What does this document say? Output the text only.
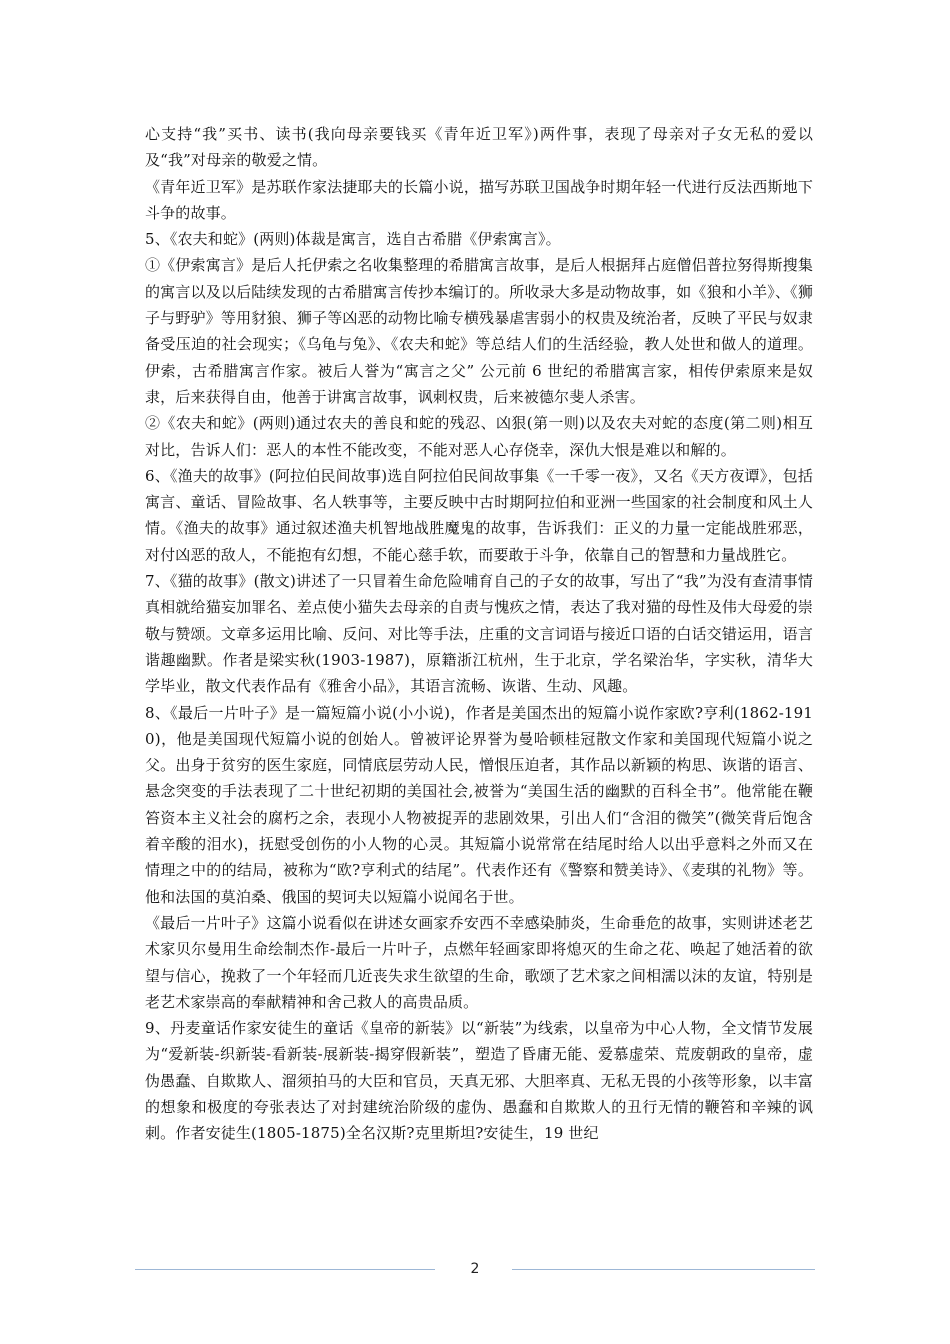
心支持“我”买书、读书(我向母亲要钱买《青年近卫军》)两件事，表现了母亲对子女无私的爱以及“我”对母亲的敬爱之情。

《青年近卫军》是苏联作家法捷耶夫的长篇小说，描写苏联卫国战争时期年轻一代进行反法西斯地下斗争的故事。

5、《农夫和蛇》(两则)体裁是寓言，选自古希腊《伊索寓言》。

①《伊索寓言》是后人托伊索之名收集整理的希腊寓言故事，是后人根据拜占庭僧侣普拉努得斯搜集的寓言以及以后陆续发现的古希腊寓言传抄本编订的。所收录大多是动物故事，如《狼和小羊》、《狮子与野驴》等用豺狼、狮子等凶恶的动物比喻专横残暴虐害弱小的权贵及统治者，反映了平民与奴隶备受压迫的社会现实；《乌龟与兔》、《农夫和蛇》等总结人们的生活经验，教人处世和做人的道理。伊索，古希腊寓言作家。被后人誉为“寓言之父” 公元前 6 世纪的希腊寓言家，相传伊索原来是奴隶，后来获得自由，他善于讲寓言故事，讽刺权贵，后来被德尔斐人杀害。

②《农夫和蛇》(两则)通过农夫的善良和蛇的残忍、凶狠(第一则)以及农夫对蛇的态度(第二则)相互对比，告诉人们：恶人的本性不能改变，不能对恶人心存侥幸，深仇大恨是难以和解的。

6、《渔夫的故事》(阿拉伯民间故事)选自阿拉伯民间故事集《一千零一夜》，又名《天方夜谭》，包括寓言、童话、冒险故事、名人轶事等，主要反映中古时期阿拉伯和亚洲一些国家的社会制度和风土人情。《渔夫的故事》通过叙述渔夫机智地战胜魔鬼的故事，告诉我们：正义的力量一定能战胜邪恶，对付凶恶的敌人，不能抱有幻想，不能心慈手软，而要敢于斗争，依靠自己的智慧和力量战胜它。

7、《猫的故事》(散文)讲述了一只冒着生命危险哺育自己的子女的故事，写出了“我”为没有查清事情真相就给猫妄加罪名、差点使小猫失去母亲的自责与愧疚之情，表达了我对猫的母性及伟大母爱的崇敬与赞颂。文章多运用比喻、反问、对比等手法，庄重的文言词语与接近口语的白话交错运用，语言谐趣幽默。作者是梁实秋(1903-1987)，原籍浙江杭州，生于北京，学名梁治华，字实秋，清华大学毕业，散文代表作品有《雅舍小品》，其语言流畅、诙谐、生动、风趣。

8、《最后一片叶子》是一篇短篇小说(小小说)，作者是美国杰出的短篇小说作家欧?亨利(1862-1910)，他是美国现代短篇小说的创始人。曾被评论界誉为曼哈顿桂冠散文作家和美国现代短篇小说之父。出身于贫穷的医生家庭，同情底层劳动人民，憎恨压迫者，其作品以新颖的构思、诙谐的语言、悬念突变的手法表现了二十世纪初期的美国社会,被誉为“美国生活的幽默的百科全书”。他常能在鞭笞资本主义社会的腐朽之余，表现小人物被捉弄的悲剧效果，引出人们“含泪的微笑”(微笑背后饱含着辛酸的泪水)，抚慰受创伤的小人物的心灵。其短篇小说常常在结尾时给人以出乎意料之外而又在情理之中的的结局，被称为“欧?亨利式的结尾”。代表作还有《警察和赞美诗》、《麦琪的礼物》等。他和法国的莫泊桑、俄国的契诃夫以短篇小说闻名于世。

《最后一片叶子》这篇小说看似在讲述女画家乔安西不幸感染肺炎，生命垂危的故事，实则讲述老艺术家贝尔曼用生命绘制杰作-最后一片叶子，点燃年轻画家即将熄灭的生命之花、唤起了她活着的欲望与信心，挽救了一个年轻而几近丧失求生欲望的生命，歌颂了艺术家之间相濡以沫的友谊，特别是老艺术家崇高的奉献精神和舍己救人的高贵品质。

9、丹麦童话作家安徒生的童话《皇帝的新装》以“新装”为线索，以皇帝为中心人物，全文情节发展为“爱新装-织新装-看新装-展新装-揭穿假新装”，塑造了昏庸无能、爱慕虚荣、荒废朝政的皇帝，虚伪愚蠢、自欺欺人、溜须拍马的大臣和官员，天真无邪、大胆率真、无私无畏的小孩等形象，以丰富的想象和极度的夸张表达了对封建统治阶级的虚伪、愚蠢和自欺欺人的丑行无情的鞭笞和辛辣的讽刺。作者安徒生(1805-1875)全名汉斯?克里斯坦?安徒生，19 世纪

2
